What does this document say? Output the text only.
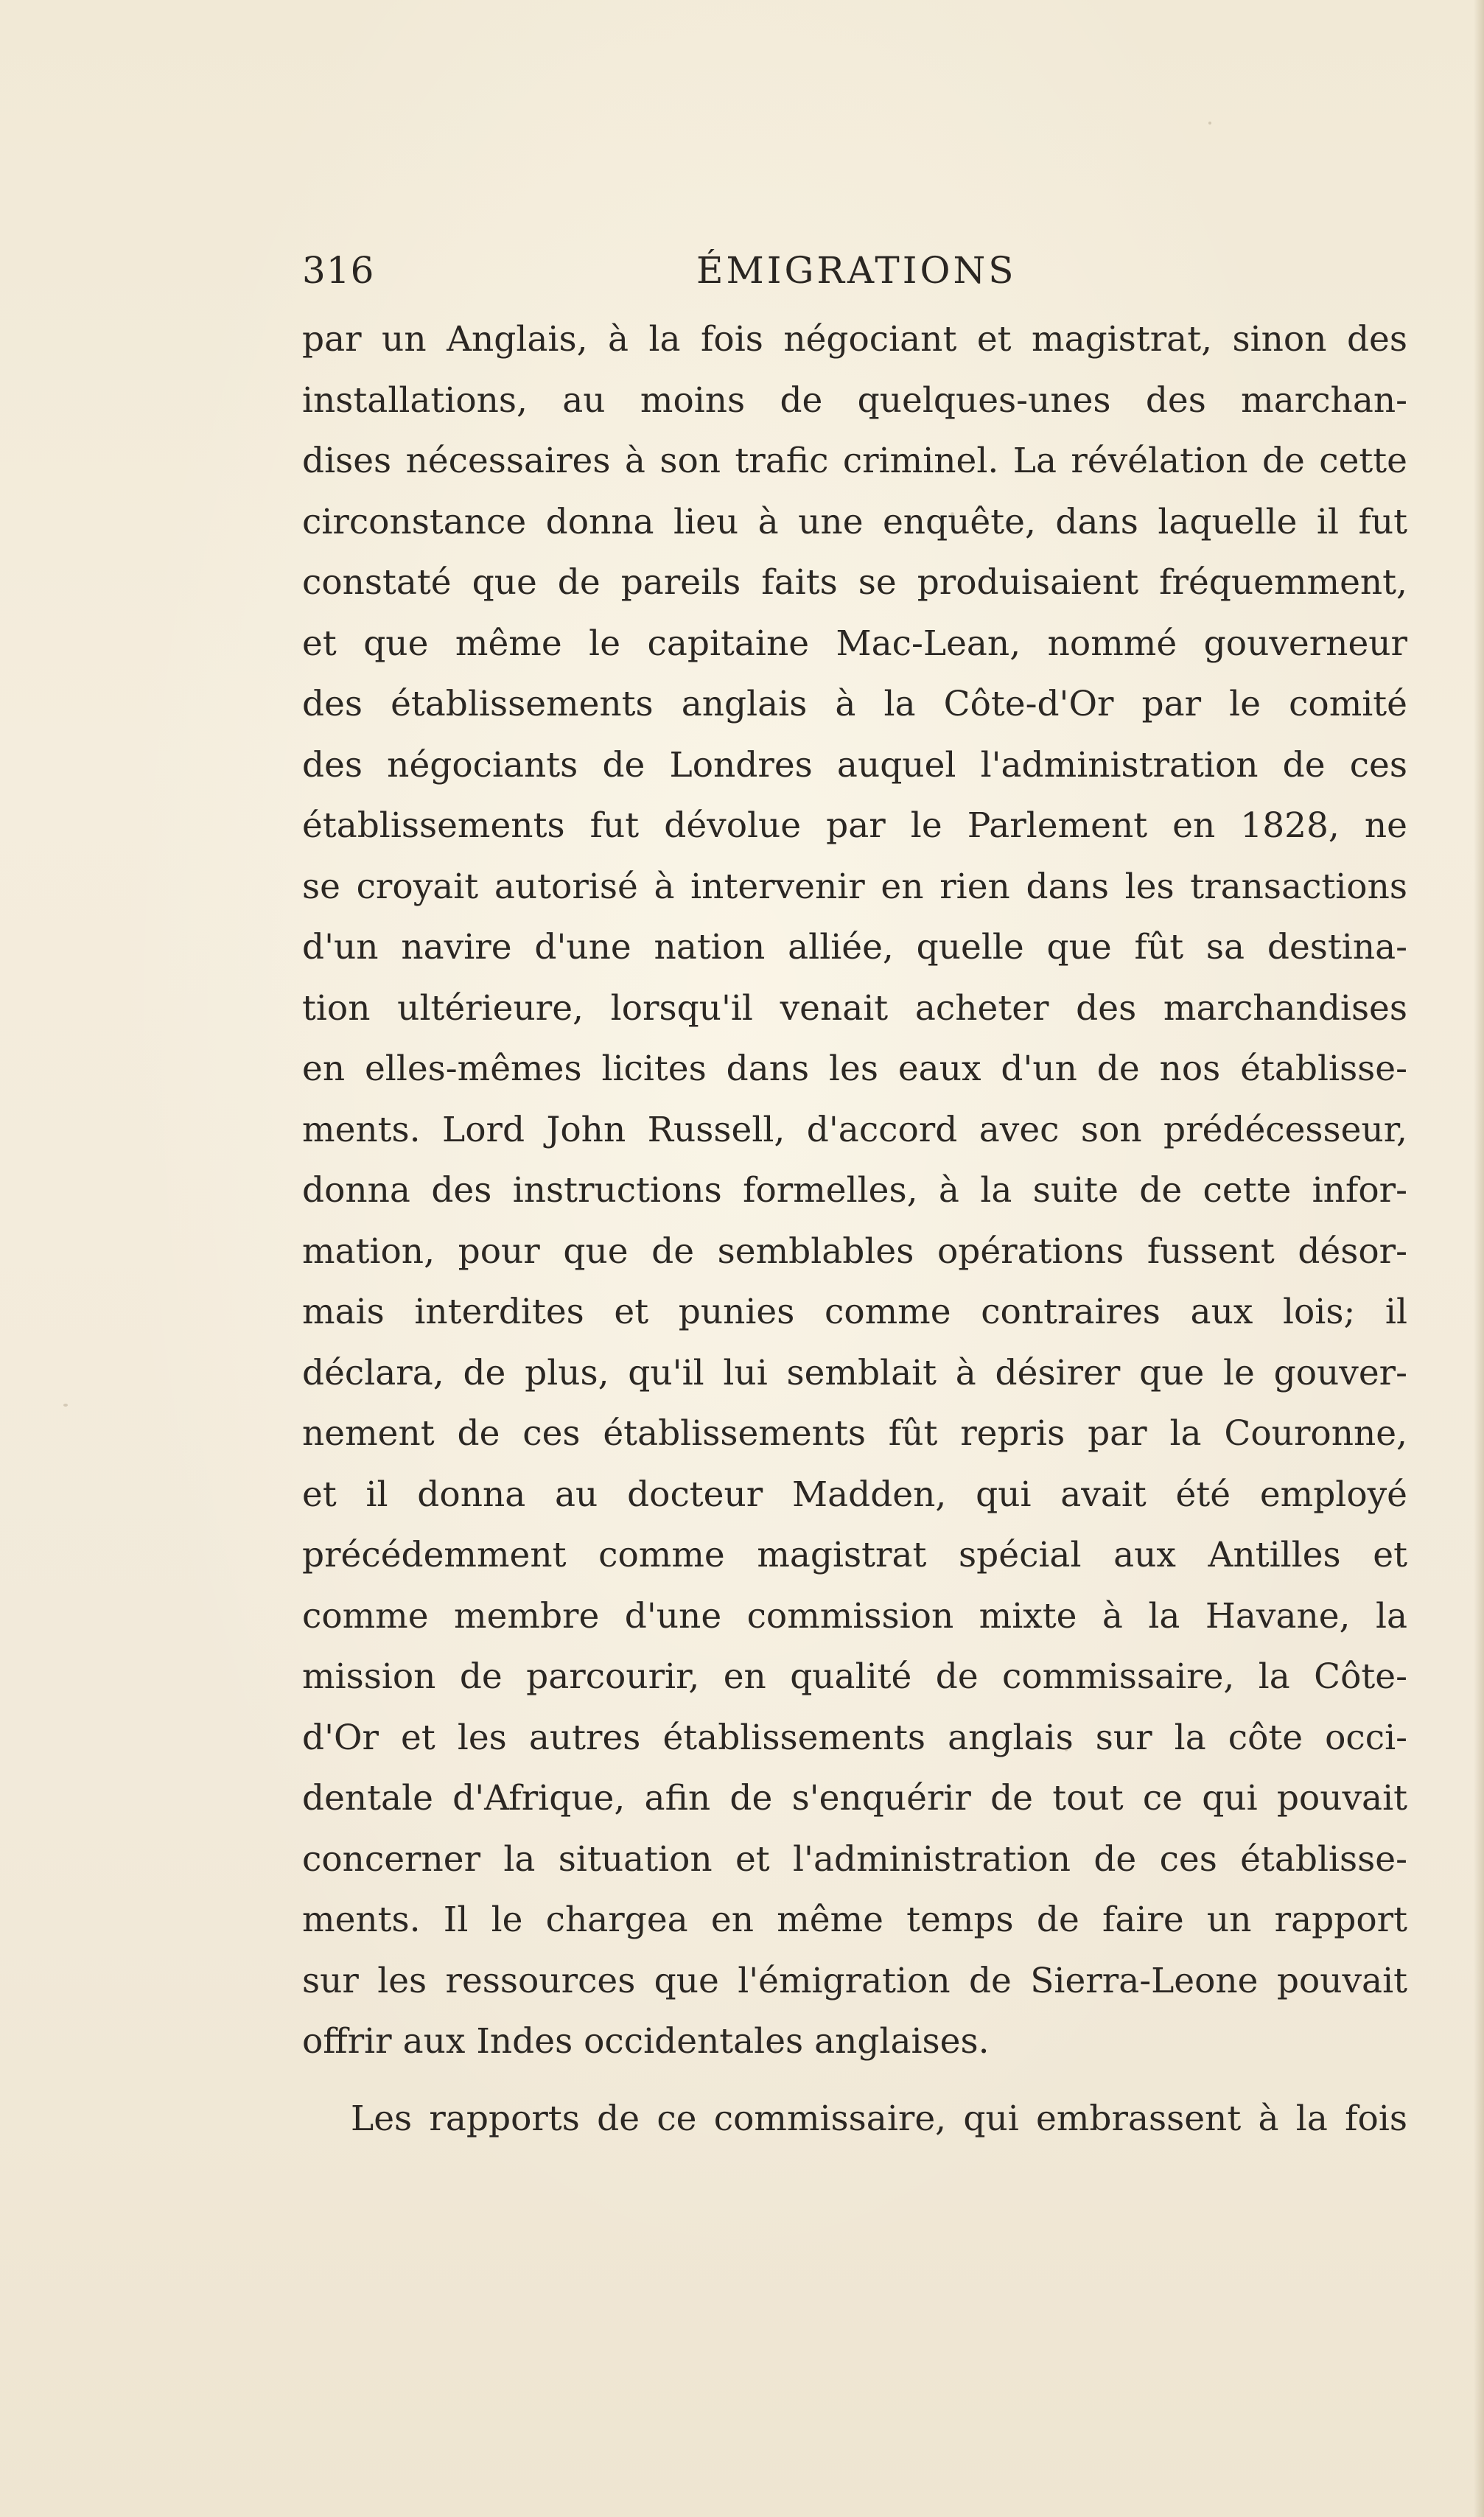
316	ÉMIGRATIONS
par un Anglais, à la fois négociant et magistrat, sinon des
installations, au moins de quelques-unes des marchan-
dises nécessaires à son trafic criminel. La révélation de cette
circonstance donna lieu à une enquête, dans laquelle il fut
constaté que de pareils faits se produisaient fréquemment,
et que même le capitaine Mac-Lean, nommé gouverneur
des établissements anglais à la Côte-d'Or par le comité
des négociants de Londres auquel l'administration de ces
établissements fut dévolue par le Parlement en 1828, ne
se croyait autorisé à intervenir en rien dans les transactions
d'un navire d'une nation alliée, quelle que fût sa destina-
tion ultérieure, lorsqu'il venait acheter des marchandises
en elles-mêmes licites dans les eaux d'un de nos établisse-
ments. Lord John Russell, d'accord avec son prédécesseur,
donna des instructions formelles, à la suite de cette infor-
mation, pour que de semblables opérations fussent désor-
mais interdites et punies comme contraires aux lois; il
déclara, de plus, qu'il lui semblait à désirer que le gouver-
nement de ces établissements fût repris par la Couronne,
et il donna au docteur Madden, qui avait été employé
précédemment comme magistrat spécial aux Antilles et
comme membre d'une commission mixte à la Havane, la
mission de parcourir, en qualité de commissaire, la Côte-
d'Or et les autres établissements anglais sur la côte occi-
dentale d'Afrique, afin de s'enquérir de tout ce qui pouvait
concerner la situation et l'administration de ces établisse-
ments. Il le chargea en même temps de faire un rapport
sur les ressources que l'émigration de Sierra-Leone pouvait
offrir aux Indes occidentales anglaises.
Les rapports de ce commissaire, qui embrassent à la fois
